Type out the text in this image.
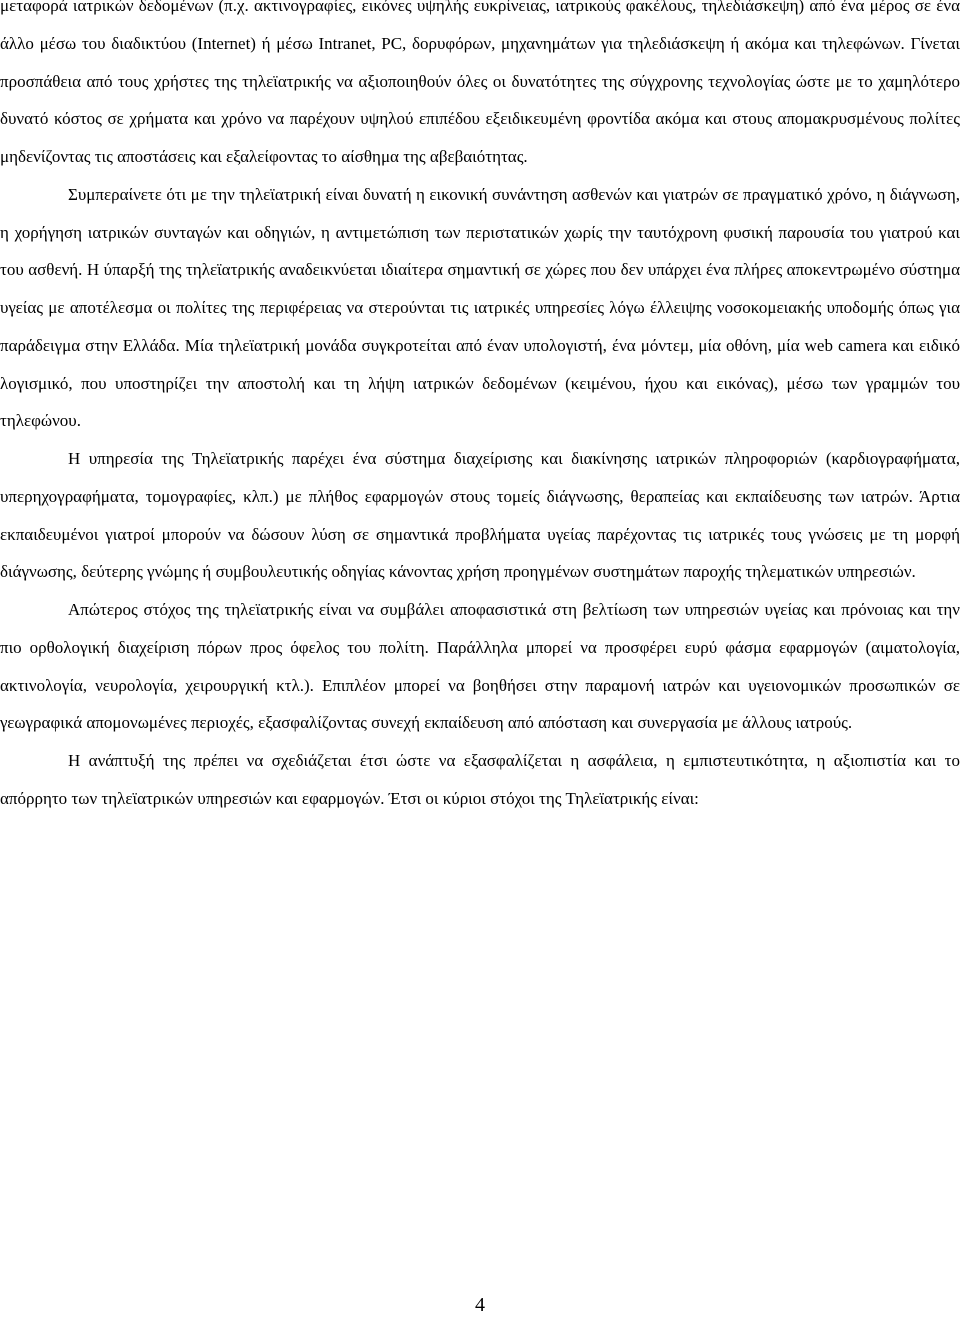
μεταφορά ιατρικών δεδομένων (π.χ. ακτινογραφίες, εικόνες υψηλής ευκρίνειας, ιατρικούς φακέλους, τηλεδιάσκεψη) από ένα μέρος σε ένα άλλο μέσω του διαδικτύου (Internet) ή μέσω Intranet, PC, δορυφόρων, μηχανημάτων για τηλεδιάσκεψη ή ακόμα και τηλεφώνων. Γίνεται προσπάθεια από τους χρήστες της τηλεϊατρικής να αξιοποιηθούν όλες οι δυνατότητες της σύγχρονης τεχνολογίας ώστε με το χαμηλότερο δυνατό κόστος σε χρήματα και χρόνο να παρέχουν υψηλού επιπέδου εξειδικευμένη φροντίδα ακόμα και στους απομακρυσμένους πολίτες μηδενίζοντας τις αποστάσεις και εξαλείφοντας το αίσθημα της αβεβαιότητας.

Συμπεραίνετε ότι με την τηλεϊατρική είναι δυνατή η εικονική συνάντηση ασθενών και γιατρών σε πραγματικό χρόνο, η διάγνωση, η χορήγηση ιατρικών συνταγών και οδηγιών, η αντιμετώπιση των περιστατικών χωρίς την ταυτόχρονη φυσική παρουσία του γιατρού και του ασθενή. Η ύπαρξή της τηλεϊατρικής αναδεικνύεται ιδιαίτερα σημαντική σε χώρες που δεν υπάρχει ένα πλήρες αποκεντρωμένο σύστημα υγείας με αποτέλεσμα οι πολίτες της περιφέρειας να στερούνται τις ιατρικές υπηρεσίες λόγω έλλειψης νοσοκομειακής υποδομής όπως για παράδειγμα στην Ελλάδα. Μία τηλεϊατρική μονάδα συγκροτείται από έναν υπολογιστή, ένα μόντεμ, μία οθόνη, μία web camera και ειδικό λογισμικό, που υποστηρίζει την αποστολή και τη λήψη ιατρικών δεδομένων (κειμένου, ήχου και εικόνας), μέσω των γραμμών του τηλεφώνου.

Η υπηρεσία της Τηλεϊατρικής παρέχει ένα σύστημα διαχείρισης και διακίνησης ιατρικών πληροφοριών (καρδιογραφήματα, υπερηχογραφήματα, τομογραφίες, κλπ.) με πλήθος εφαρμογών στους τομείς διάγνωσης, θεραπείας και εκπαίδευσης των ιατρών. Άρτια εκπαιδευμένοι γιατροί μπορούν να δώσουν λύση σε σημαντικά προβλήματα υγείας παρέχοντας τις ιατρικές τους γνώσεις με τη μορφή διάγνωσης, δεύτερης γνώμης ή συμβουλευτικής οδηγίας κάνοντας χρήση προηγμένων συστημάτων παροχής τηλεματικών υπηρεσιών.

Απώτερος στόχος της τηλεϊατρικής είναι να συμβάλει αποφασιστικά στη βελτίωση των υπηρεσιών υγείας και πρόνοιας και την πιο ορθολογική διαχείριση πόρων προς όφελος του πολίτη. Παράλληλα μπορεί να προσφέρει ευρύ φάσμα εφαρμογών (αιματολογία, ακτινολογία, νευρολογία, χειρουργική κτλ.). Επιπλέον μπορεί να βοηθήσει στην παραμονή ιατρών και υγειονομικών προσωπικών σε γεωγραφικά απομονωμένες περιοχές, εξασφαλίζοντας συνεχή εκπαίδευση από απόσταση και συνεργασία με άλλους ιατρούς.

Η ανάπτυξή της πρέπει να σχεδιάζεται έτσι ώστε να εξασφαλίζεται η ασφάλεια, η εμπιστευτικότητα, η αξιοπιστία και το απόρρητο των τηλεϊατρικών υπηρεσιών και εφαρμογών. Έτσι οι κύριοι στόχοι της Τηλεϊατρικής είναι:

4
